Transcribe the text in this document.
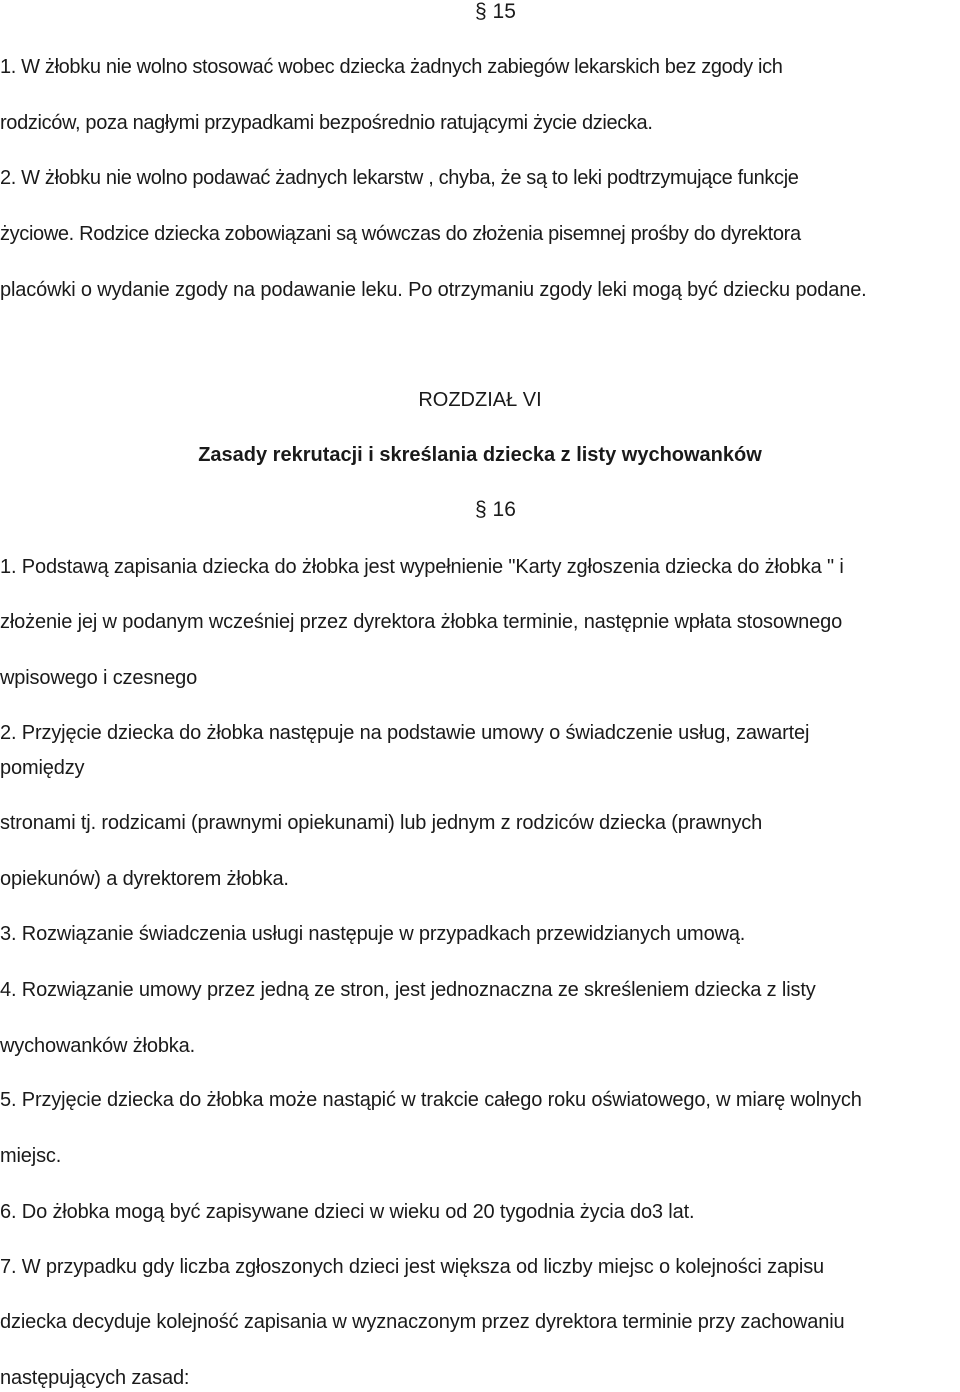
§ 15
1. W żłobku nie wolno stosować wobec dziecka żadnych zabiegów lekarskich bez zgody ich
rodziców, poza nagłymi przypadkami bezpośrednio ratującymi życie dziecka.
2. W żłobku nie wolno podawać żadnych lekarstw , chyba, że są to leki podtrzymujące funkcje
życiowe. Rodzice dziecka zobowiązani są wówczas do złożenia pisemnej prośby do dyrektora
placówki o wydanie zgody na podawanie leku. Po otrzymaniu zgody leki mogą być dziecku podane.
ROZDZIAŁ VI
Zasady rekrutacji i skreślania dziecka z listy wychowanków
§ 16
1. Podstawą zapisania dziecka do żłobka jest wypełnienie "Karty zgłoszenia dziecka do żłobka " i
złożenie jej w podanym wcześniej przez dyrektora żłobka terminie, następnie wpłata stosownego
wpisowego i czesnego
2. Przyjęcie dziecka do żłobka następuje na podstawie umowy o świadczenie usług, zawartej
pomiędzy
stronami tj. rodzicami (prawnymi opiekunami) lub jednym z rodziców dziecka (prawnych
opiekunów) a dyrektorem żłobka.
3. Rozwiązanie świadczenia usługi następuje w przypadkach przewidzianych umową.
4. Rozwiązanie umowy przez jedną ze stron, jest jednoznaczna ze skreśleniem dziecka z listy
wychowanków żłobka.
5. Przyjęcie dziecka do żłobka może nastąpić w trakcie całego roku oświatowego, w miarę wolnych
miejsc.
6. Do żłobka mogą być zapisywane dzieci w wieku od 20 tygodnia życia do3 lat.
7. W przypadku gdy liczba zgłoszonych dzieci jest większa od liczby miejsc o kolejności zapisu
dziecka decyduje kolejność zapisania w wyznaczonym przez dyrektora terminie przy zachowaniu
następujących zasad:
